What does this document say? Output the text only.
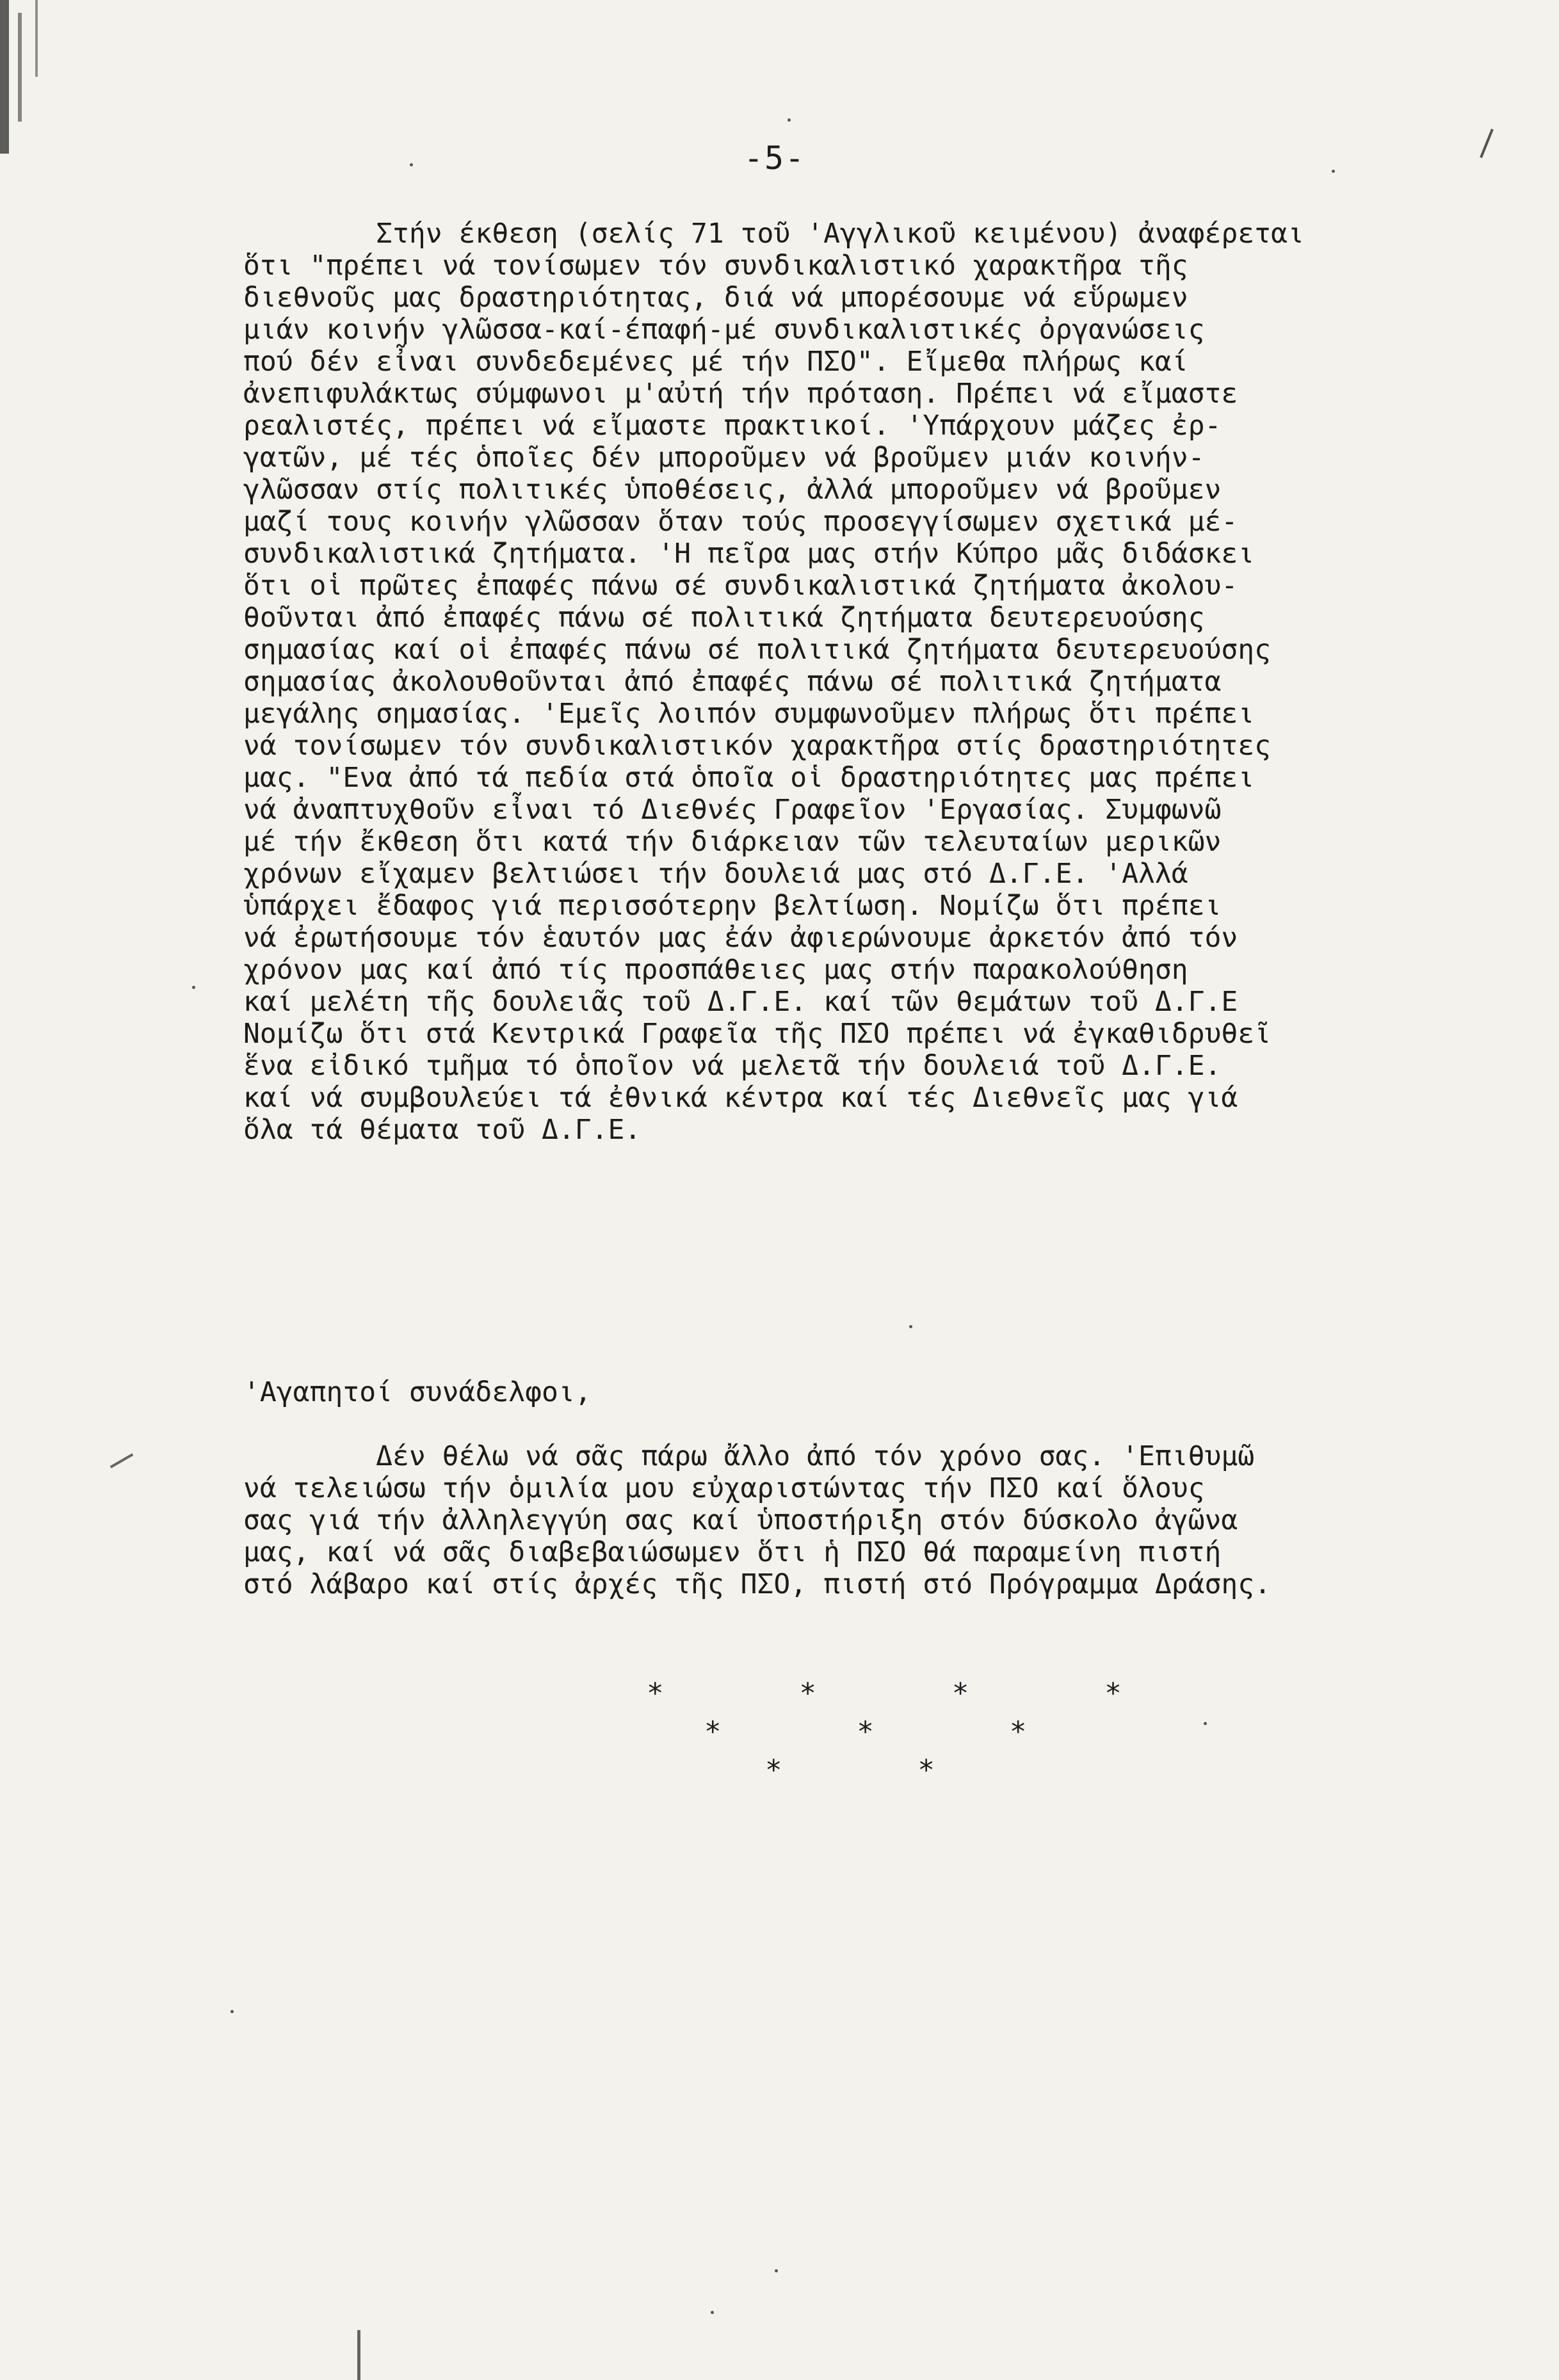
-5-
Στήν έκθεση (σελίς 71 τοῦ 'Αγγλικοῦ κειμένου) ἀναφέρεται
ὅτι "πρέπει νά τονίσωμεν τόν συνδικαλιστικό χαρακτῆρα τῆς
διεθνοῦς μας δραστηριότητας, διά νά μπορέσουμε νά εὕρωμεν
μιάν κοινήν γλῶσσα-καί-έπαφή-μέ συνδικαλιστικές ὀργανώσεις
πού δέν εἶναι συνδεδεμένες μέ τήν ΠΣΟ". Εἴμεθα πλήρως καί
ἀνεπιφυλάκτως σύμφωνοι μ'αὐτή τήν πρόταση. Πρέπει νά εἴμαστε
ρεαλιστές, πρέπει νά εἴμαστε πρακτικοί. 'Υπάρχουν μάζες ἐρ-
γατῶν, μέ τές ὁποῖες δέν μποροῦμεν νά βροῦμεν μιάν κοινήν-
γλῶσσαν στίς πολιτικές ὑποθέσεις, ἀλλά μποροῦμεν νά βροῦμεν
μαζί τους κοινήν γλῶσσαν ὅταν τούς προσεγγίσωμεν σχετικά μέ-
συνδικαλιστικά ζητήματα. 'Η πεῖρα μας στήν Κύπρο μᾶς διδάσκει
ὅτι οἱ πρῶτες ἐπαφές πάνω σέ συνδικαλιστικά ζητήματα ἀκολου-
θοῦνται ἀπό ἐπαφές πάνω σέ πολιτικά ζητήματα δευτερευούσης
σημασίας καί οἱ ἐπαφές πάνω σέ πολιτικά ζητήματα δευτερευούσης
σημασίας ἀκολουθοῦνται ἀπό ἐπαφές πάνω σέ πολιτικά ζητήματα
μεγάλης σημασίας. 'Εμεῖς λοιπόν συμφωνοῦμεν πλήρως ὅτι πρέπει
νά τονίσωμεν τόν συνδικαλιστικόν χαρακτῆρα στίς δραστηριότητες
μας. "Ενα ἀπό τά πεδία στά ὁποῖα οἱ δραστηριότητες μας πρέπει
νά ἀναπτυχθοῦν εἶναι τό Διεθνές Γραφεῖον 'Εργασίας. Συμφωνῶ
μέ τήν ἔκθεση ὅτι κατά τήν διάρκειαν τῶν τελευταίων μερικῶν
χρόνων εἴχαμεν βελτιώσει τήν δουλειά μας στό Δ.Γ.Ε. 'Αλλά
ὑπάρχει ἔδαφος γιά περισσότερην βελτίωση. Νομίζω ὅτι πρέπει
νά ἐρωτήσουμε τόν ἑαυτόν μας ἐάν ἀφιερώνουμε ἀρκετόν ἀπό τόν
χρόνον μας καί ἀπό τίς προσπάθειες μας στήν παρακολούθηση
καί μελέτη τῆς δουλειᾶς τοῦ Δ.Γ.Ε. καί τῶν θεμάτων τοῦ Δ.Γ.Ε
Νομίζω ὅτι στά Κεντρικά Γραφεῖα τῆς ΠΣΟ πρέπει νά ἐγκαθιδρυθεῖ
ἕνα εἰδικό τμῆμα τό ὁποῖον νά μελετᾶ τήν δουλειά τοῦ Δ.Γ.Ε.
καί νά συμβουλεύει τά ἐθνικά κέντρα καί τές Διεθνεῖς μας γιά
ὅλα τά θέματα τοῦ Δ.Γ.Ε.
'Αγαπητοί συνάδελφοι,
Δέν θέλω νά σᾶς πάρω ἄλλο ἀπό τόν χρόνο σας. 'Επιθυμῶ
νά τελειώσω τήν ὁμιλία μου εὐχαριστώντας τήν ΠΣΟ καί ὅλους
σας γιά τήν ἀλληλεγγύη σας καί ὑποστήριξη στόν δύσκολο ἀγῶνα
μας, καί νά σᾶς διαβεβαιώσωμεν ὅτι ἡ ΠΣΟ θά παραμείνη πιστή
στό λάβαρο καί στίς ἀρχές τῆς ΠΣΟ, πιστή στό Πρόγραμμα Δράσης.
*        *        *        *
*        *        *
*        *
